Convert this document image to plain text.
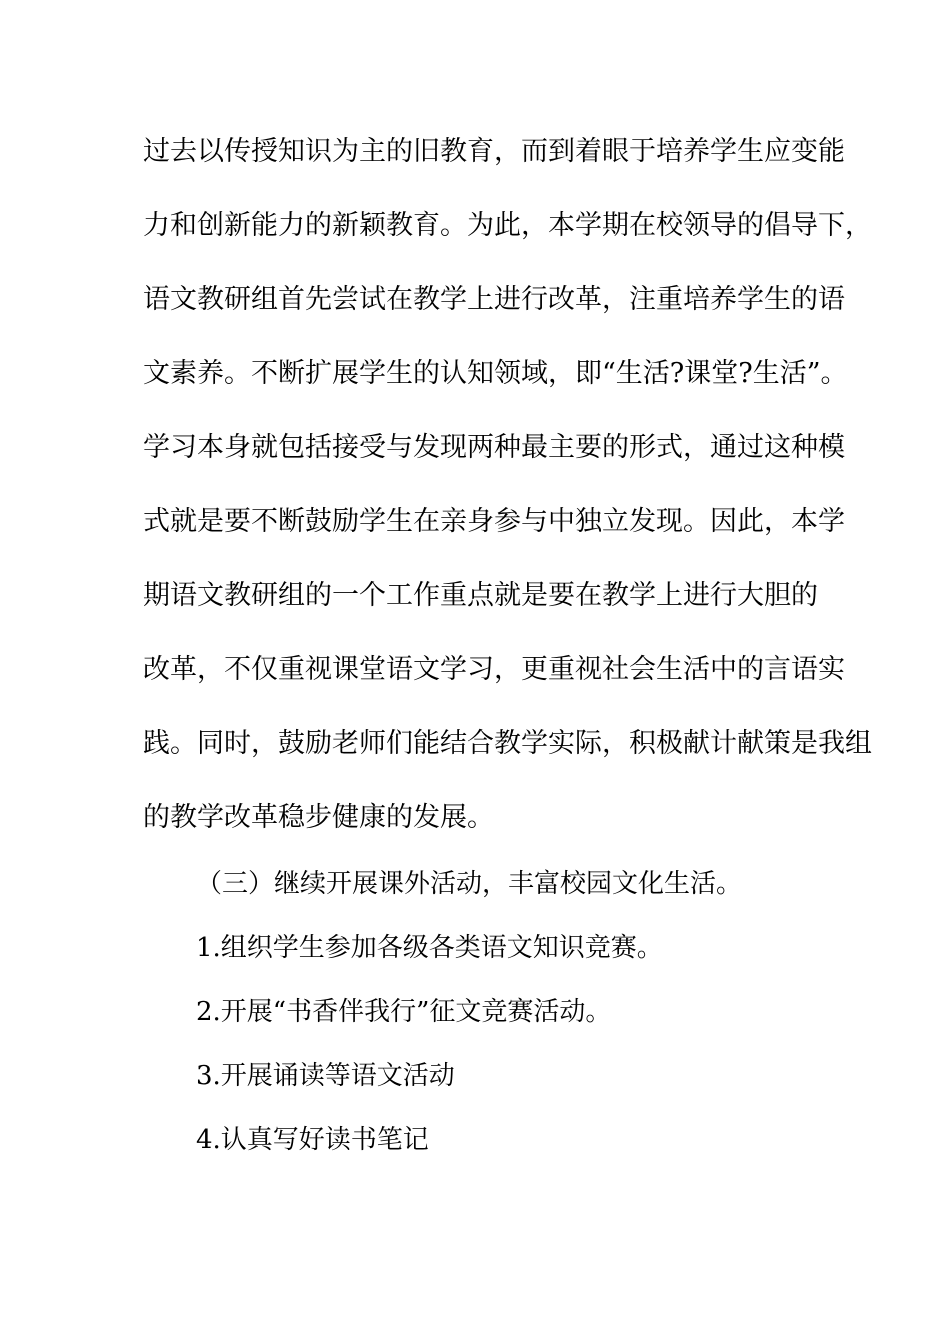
过去以传授知识为主的旧教育，而到着眼于培养学生应变能
力和创新能力的新颖教育。为此，本学期在校领导的倡导下，
语文教研组首先尝试在教学上进行改革，注重培养学生的语
文素养。不断扩展学生的认知领域，即“生活?课堂?生活”。
学习本身就包括接受与发现两种最主要的形式，通过这种模
式就是要不断鼓励学生在亲身参与中独立发现。因此，本学
期语文教研组的一个工作重点就是要在教学上进行大胆的
改革，不仅重视课堂语文学习，更重视社会生活中的言语实
践。同时，鼓励老师们能结合教学实际，积极献计献策是我组
的教学改革稳步健康的发展。
（三）继续开展课外活动，丰富校园文化生活。
1.组织学生参加各级各类语文知识竞赛。
2.开展“书香伴我行”征文竞赛活动。
3.开展诵读等语文活动
4.认真写好读书笔记
